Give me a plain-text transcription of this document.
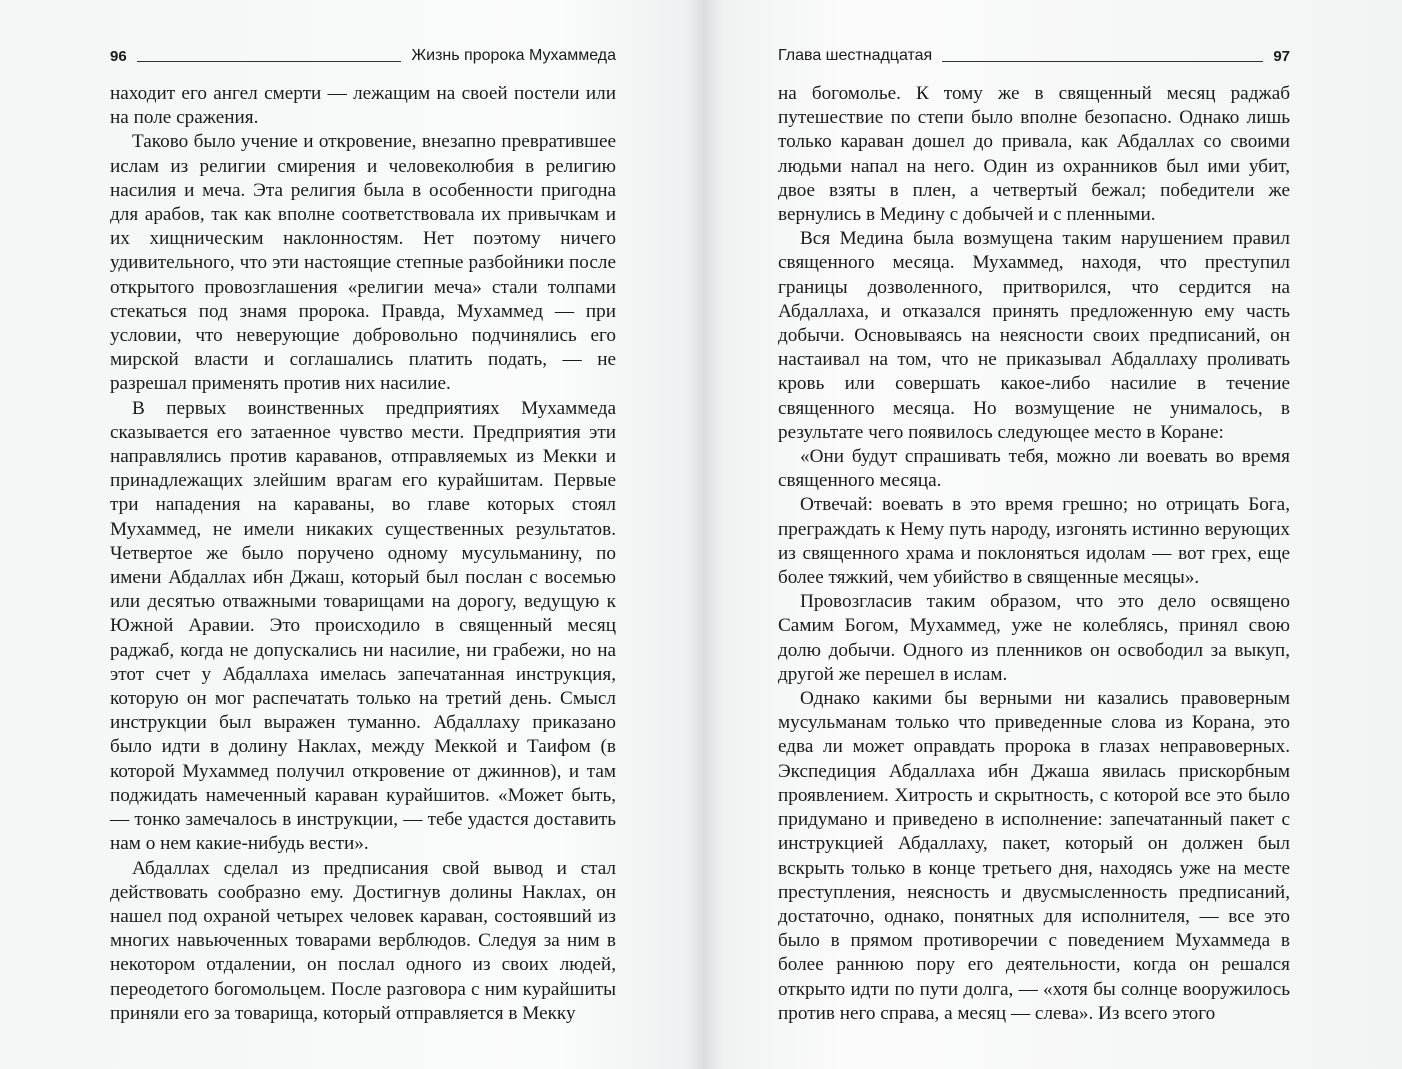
96	Жизнь пророка Мухаммеда

находит его ангел смерти — лежащим на своей постели или на поле сражения.

Таково было учение и откровение, внезапно превратившее ислам из религии смирения и человеколюбия в религию насилия и меча. Эта религия была в особенности пригодна для арабов, так как вполне соответствовала их привычкам и их хищническим наклонностям. Нет поэтому ничего удивительного, что эти настоящие степные разбойники после открытого провозглашения «религии меча» стали толпами стекаться под знамя пророка. Правда, Мухаммед — при условии, что неверующие добровольно подчинялись его мирской власти и соглашались платить подать, — не разрешал применять против них насилие.

В первых воинственных предприятиях Мухаммеда сказывается его затаенное чувство мести. Предприятия эти направлялись против караванов, отправляемых из Мекки и принадлежащих злейшим врагам его курайшитам. Первые три нападения на караваны, во главе которых стоял Мухаммед, не имели никаких существенных результатов. Четвертое же было поручено одному мусульманину, по имени Абдаллах ибн Джаш, который был послан с восемью или десятью отважными товарищами на дорогу, ведущую к Южной Аравии. Это происходило в священный месяц раджаб, когда не допускались ни насилие, ни грабежи, но на этот счет у Абдаллаха имелась запечатанная инструкция, которую он мог распечатать только на третий день. Смысл инструкции был выражен туманно. Абдаллаху приказано было идти в долину Наклах, между Меккой и Таифом (в которой Мухаммед получил откровение от джиннов), и там поджидать намеченный караван курайшитов. «Может быть, — тонко замечалось в инструкции, — тебе удастся доставить нам о нем какие-нибудь вести».

Абдаллах сделал из предписания свой вывод и стал действовать сообразно ему. Достигнув долины Наклах, он нашел под охраной четырех человек караван, состоявший из многих навьюченных товарами верблюдов. Следуя за ним в некотором отдалении, он послал одного из своих людей, переодетого богомольцем. После разговора с ним курайшиты приняли его за товарища, который отправляется в Мекку

Глава шестнадцатая	97

на богомолье. К тому же в священный месяц раджаб путешествие по степи было вполне безопасно. Однако лишь только караван дошел до привала, как Абдаллах со своими людьми напал на него. Один из охранников был ими убит, двое взяты в плен, а четвертый бежал; победители же вернулись в Медину с добычей и с пленными.

Вся Медина была возмущена таким нарушением правил священного месяца. Мухаммед, находя, что преступил границы дозволенного, притворился, что сердится на Абдаллаха, и отказался принять предложенную ему часть добычи. Основываясь на неясности своих предписаний, он настаивал на том, что не приказывал Абдаллаху проливать кровь или совершать какое-либо насилие в течение священного месяца. Но возмущение не унималось, в результате чего появилось следующее место в Коране:

«Они будут спрашивать тебя, можно ли воевать во время священного месяца.

Отвечай: воевать в это время грешно; но отрицать Бога, преграждать к Нему путь народу, изгонять истинно верующих из священного храма и поклоняться идолам — вот грех, еще более тяжкий, чем убийство в священные месяцы».

Провозгласив таким образом, что это дело освящено Самим Богом, Мухаммед, уже не колеблясь, принял свою долю добычи. Одного из пленников он освободил за выкуп, другой же перешел в ислам.

Однако какими бы верными ни казались правоверным мусульманам только что приведенные слова из Корана, это едва ли может оправдать пророка в глазах неправоверных. Экспедиция Абдаллаха ибн Джаша явилась прискорбным проявлением. Хитрость и скрытность, с которой все это было придумано и приведено в исполнение: запечатанный пакет с инструкцией Абдаллаху, пакет, который он должен был вскрыть только в конце третьего дня, находясь уже на месте преступления, неясность и двусмысленность предписаний, достаточно, однако, понятных для исполнителя, — все это было в прямом противоречии с поведением Мухаммеда в более раннюю пору его деятельности, когда он решался открыто идти по пути долга, — «хотя бы солнце вооружилось против него справа, а месяц — слева». Из всего этого
